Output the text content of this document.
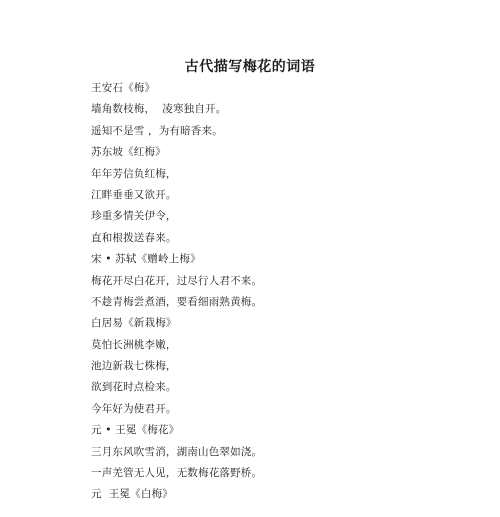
古代描写梅花的词语
王安石《梅》
墙角数枝梅，  凌寒独自开。
遥知不是雪 ，为有暗香来。
苏东坡《红梅》
年年芳信负红梅，
江畔垂垂又欲开。
珍重多情关伊令，
直和根拨送春来。
宋 • 苏轼《赠岭上梅》
梅花开尽白花开，过尽行人君不来。
不趁青梅尝煮酒，要看细雨熟黄梅。
白居易《新栽梅》
莫怕长洲桃李嫩，
池边新栽七株梅，
欲到花时点检来。
今年好为使君开。
元 • 王冕《梅花》
三月东风吹雪消，湖南山色翠如浇。
一声羌管无人见，无数梅花落野桥。
元  王冕《白梅》
